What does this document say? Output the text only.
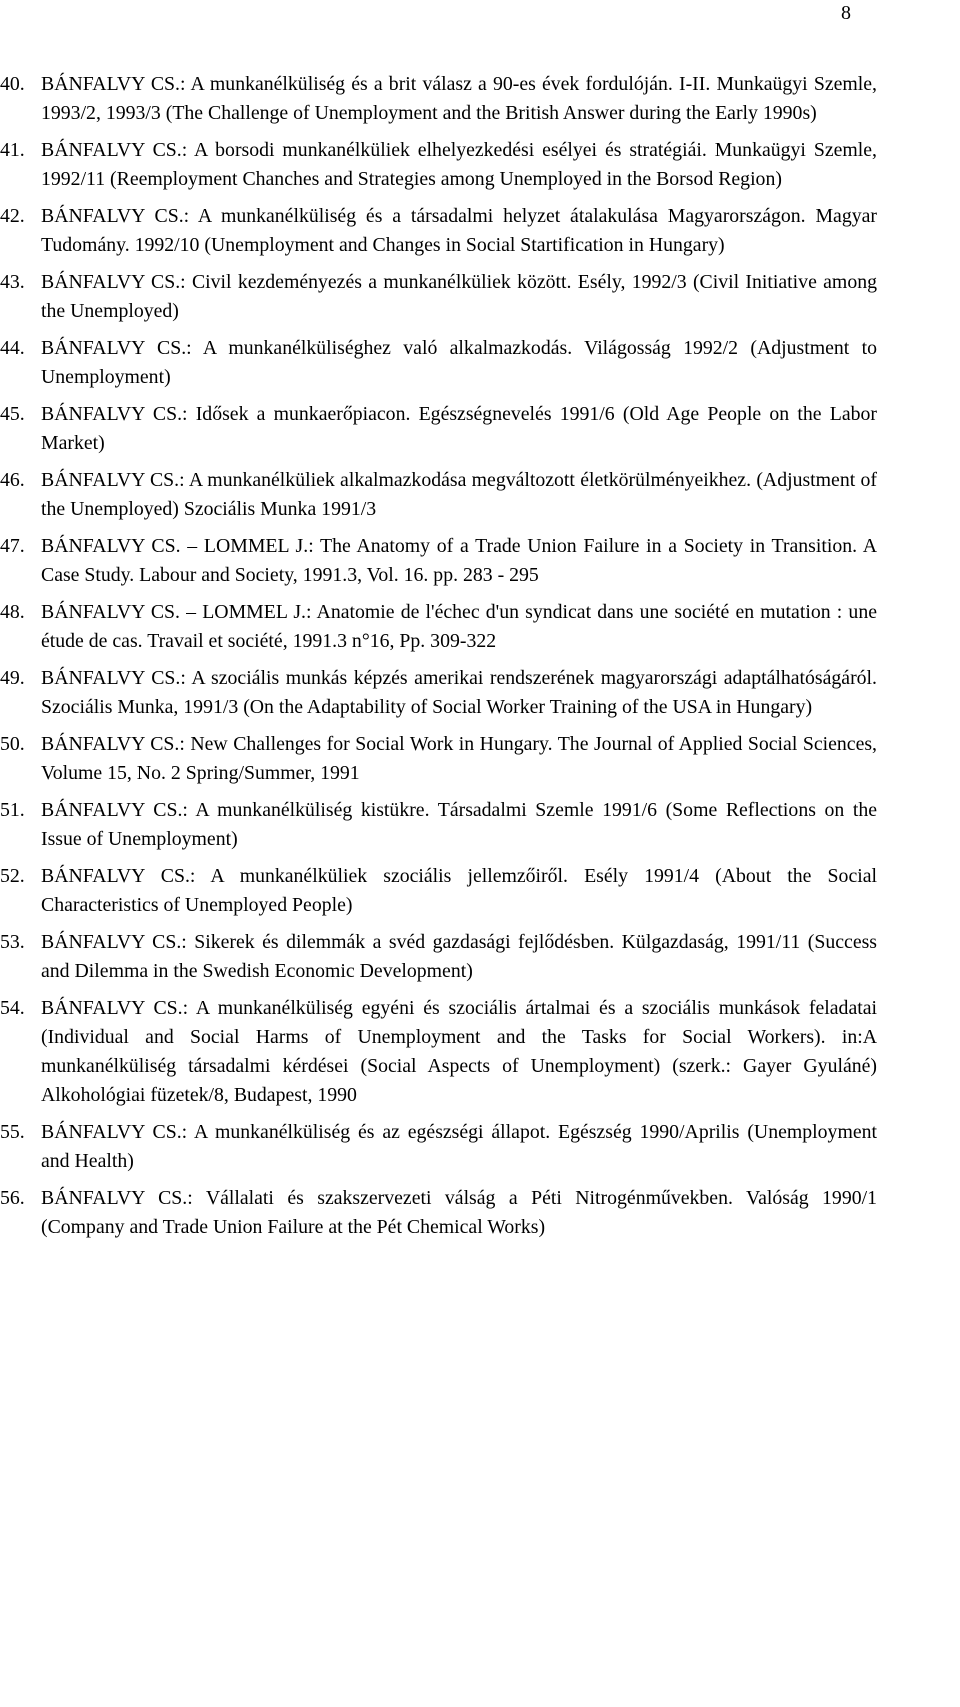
8
40. BÁNFALVY CS.: A munkanélküliség és a brit válasz a 90-es évek fordulóján. I-II. Munkaügyi Szemle, 1993/2, 1993/3 (The Challenge of Unemployment and the British Answer during the Early 1990s)
41. BÁNFALVY CS.: A borsodi munkanélküliek elhelyezkedési esélyei és stratégiái. Munkaügyi Szemle, 1992/11 (Reemployment Chanches and Strategies among Unemployed in the Borsod Region)
42. BÁNFALVY CS.: A munkanélküliség és a társadalmi helyzet átalakulása Magyarországon. Magyar Tudomány. 1992/10 (Unemployment and Changes in Social Startification in Hungary)
43. BÁNFALVY CS.: Civil kezdeményezés a munkanélküliek között. Esély, 1992/3 (Civil Initiative among the Unemployed)
44. BÁNFALVY CS.: A munkanélküliséghez való alkalmazkodás. Világosság 1992/2 (Adjustment to Unemployment)
45. BÁNFALVY CS.: Idősek a munkaerőpiacon. Egészségnevelés 1991/6 (Old Age People on the Labor Market)
46. BÁNFALVY CS.: A munkanélküliek alkalmazkodása megváltozott életkörülményeikhez. (Adjustment of the Unemployed) Szociális Munka 1991/3
47. BÁNFALVY CS. – LOMMEL J.: The Anatomy of a Trade Union Failure in a Society in Transition. A Case Study. Labour and Society, 1991.3, Vol. 16. pp. 283 - 295
48. BÁNFALVY CS. – LOMMEL J.: Anatomie de l'échec d'un syndicat dans une société en mutation : une étude de cas. Travail et société, 1991.3 n°16, Pp. 309-322
49. BÁNFALVY CS.: A szociális munkás képzés amerikai rendszerének magyarországi adaptálhatóságáról. Szociális Munka, 1991/3 (On the Adaptability of Social Worker Training of the USA in Hungary)
50. BÁNFALVY CS.: New Challenges for Social Work in Hungary. The Journal of Applied Social Sciences, Volume 15, No. 2 Spring/Summer, 1991
51. BÁNFALVY CS.: A munkanélküliség kistükre. Társadalmi Szemle 1991/6 (Some Reflections on the Issue of Unemployment)
52. BÁNFALVY CS.: A munkanélküliek szociális jellemzőiről. Esély 1991/4 (About the Social Characteristics of Unemployed People)
53. BÁNFALVY CS.: Sikerek és dilemmák a svéd gazdasági fejlődésben. Külgazdaság, 1991/11 (Success and Dilemma in the Swedish Economic Development)
54. BÁNFALVY CS.: A munkanélküliség egyéni és szociális ártalmai és a szociális munkások feladatai (Individual and Social Harms of Unemployment and the Tasks for Social Workers). in:A munkanélküliség társadalmi kérdései (Social Aspects of Unemployment) (szerk.: Gayer Gyuláné) Alkohológiai füzetek/8, Budapest, 1990
55. BÁNFALVY CS.: A munkanélküliség és az egészségi állapot. Egészség 1990/Aprilis (Unemployment and Health)
56. BÁNFALVY CS.: Vállalati és szakszervezeti válság a Péti Nitrogénművekben. Valóság 1990/1 (Company and Trade Union Failure at the Pét Chemical Works)
